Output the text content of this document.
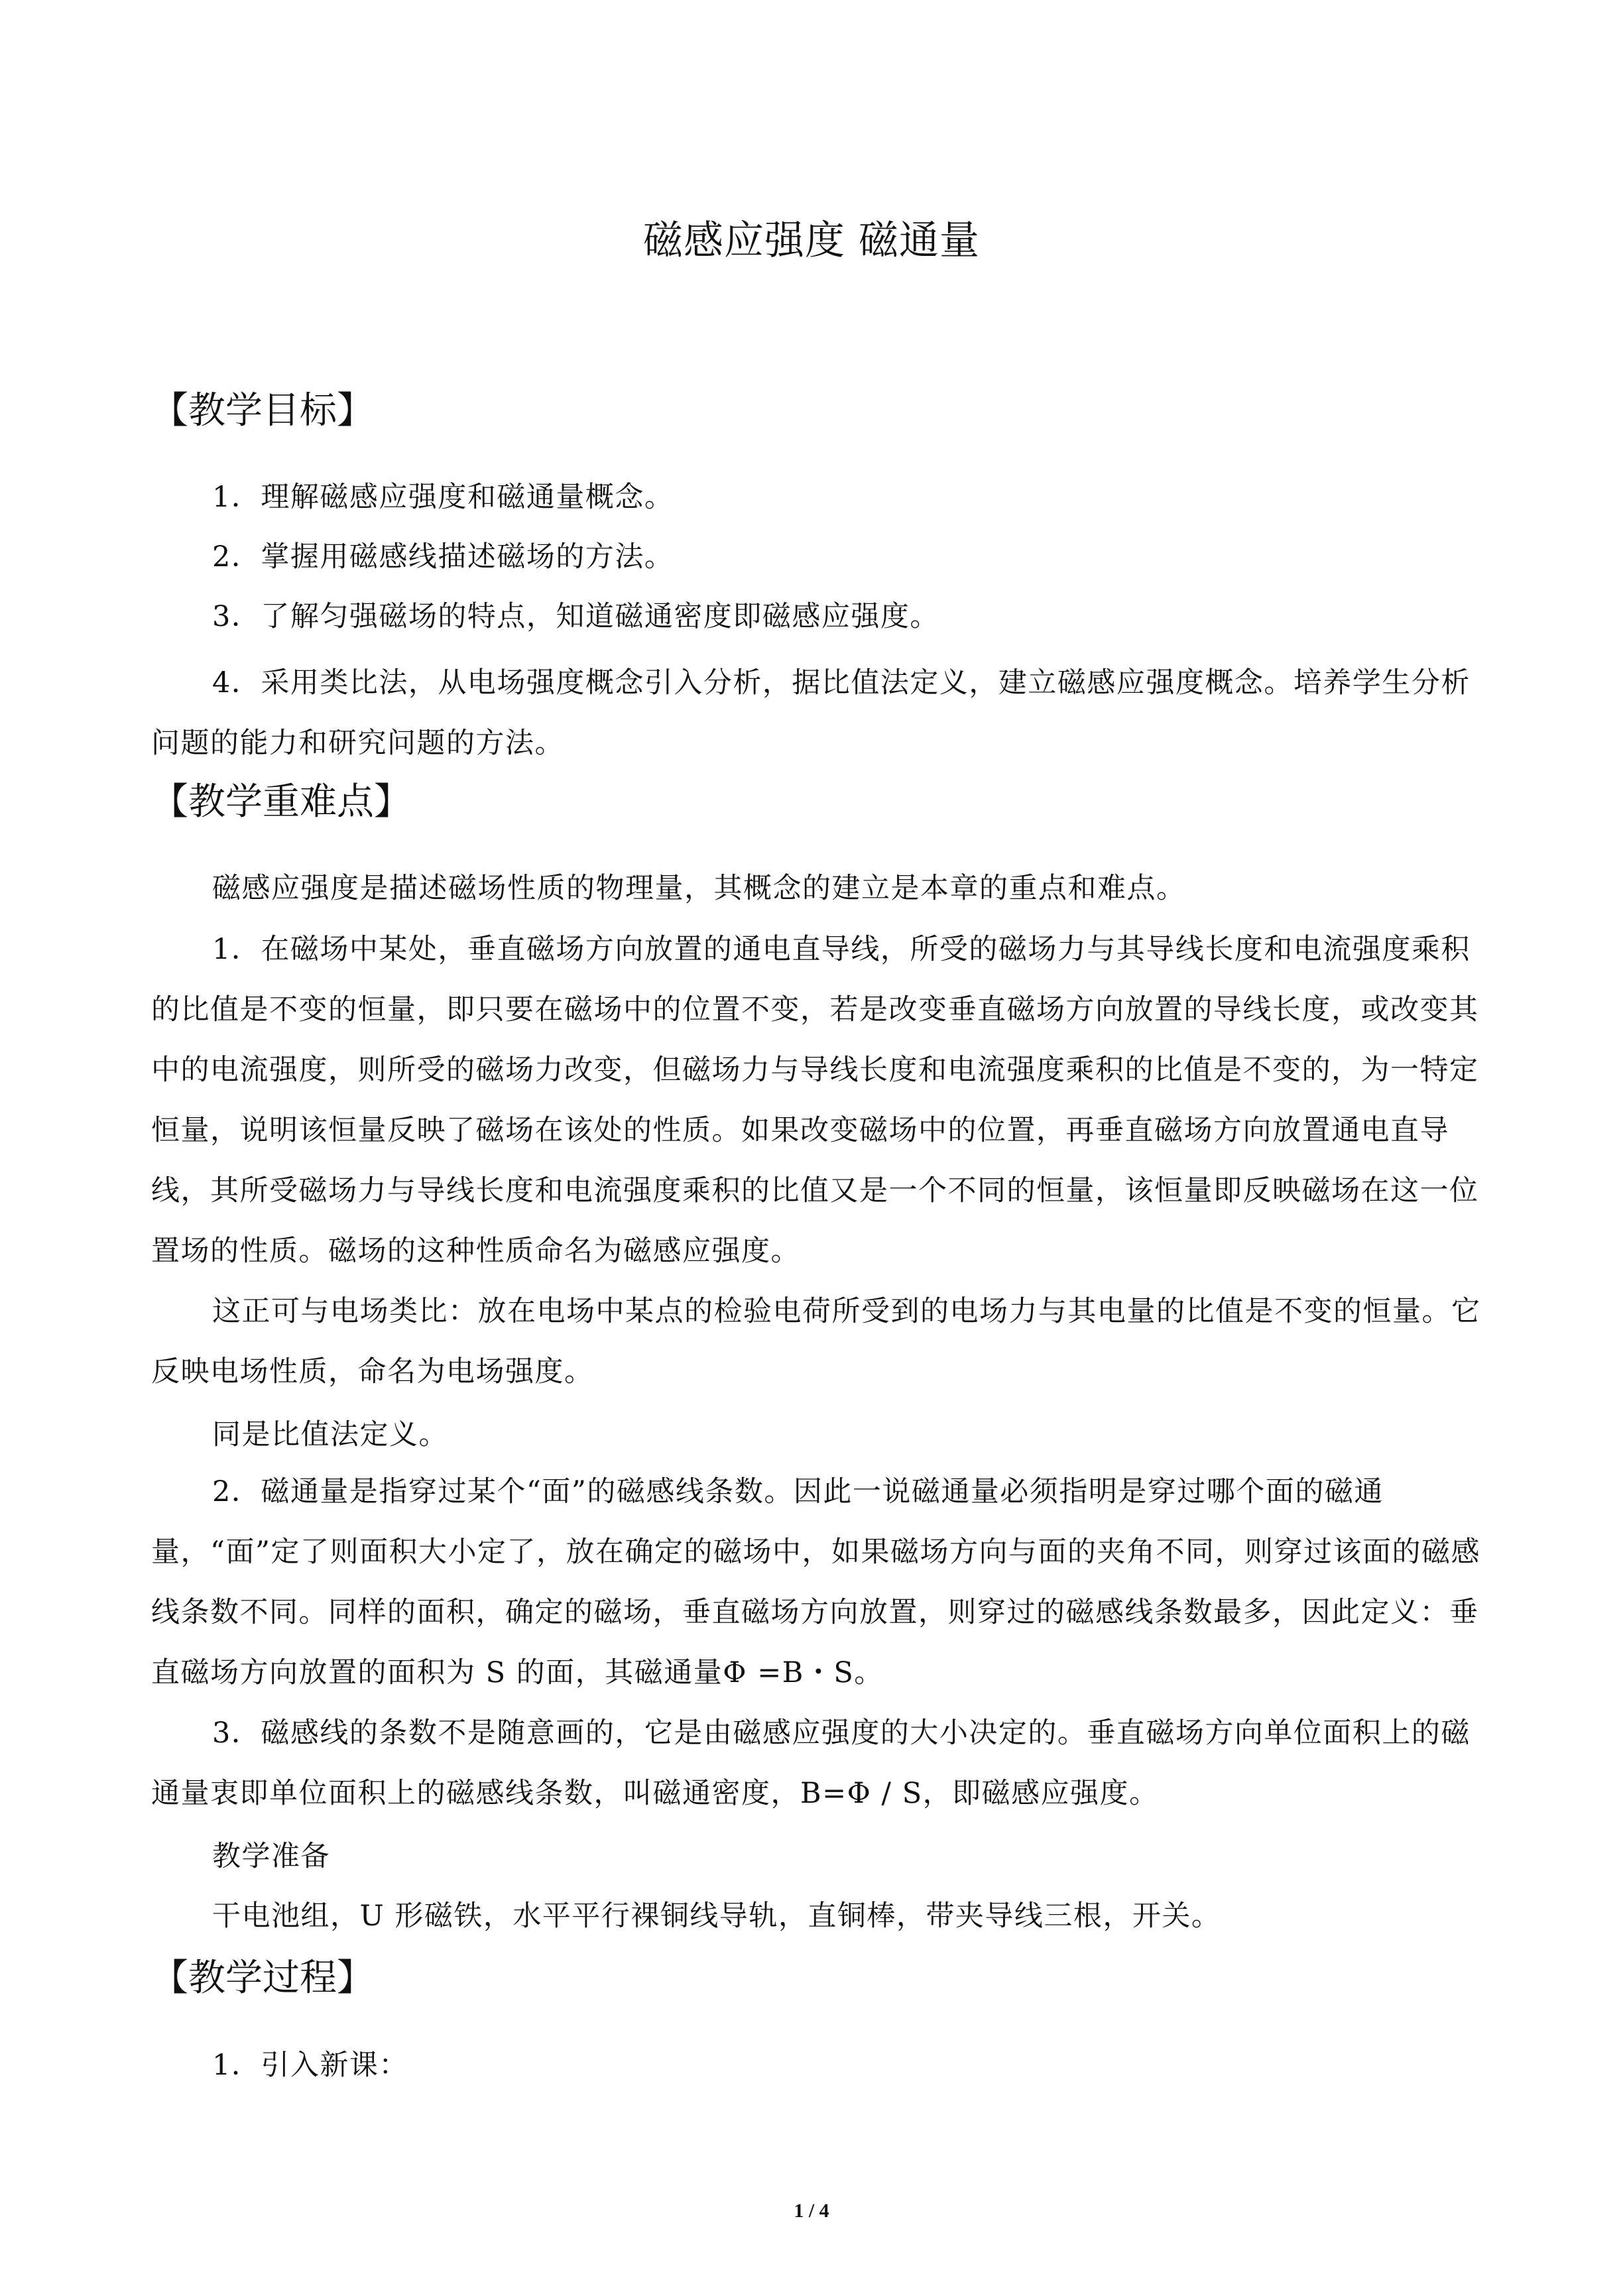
磁感应强度 磁通量
【教学目标】
1．理解磁感应强度和磁通量概念。
2．掌握用磁感线描述磁场的方法。
3．了解匀强磁场的特点，知道磁通密度即磁感应强度。

4．采用类比法，从电场强度概念引入分析，据比值法定义，建立磁感应强度概念。培养学生分析问题的能力和研究问题的方法。

【教学重难点】
磁感应强度是描述磁场性质的物理量，其概念的建立是本章的重点和难点。

1．在磁场中某处，垂直磁场方向放置的通电直导线，所受的磁场力与其导线长度和电流强度乘积的比值是不变的恒量，即只要在磁场中的位置不变，若是改变垂直磁场方向放置的导线长度，或改变其中的电流强度，则所受的磁场力改变，但磁场力与导线长度和电流强度乘积的比值是不变的，为一特定恒量，说明该恒量反映了磁场在该处的性质。如果改变磁场中的位置，再垂直磁场方向放置通电直导线，其所受磁场力与导线长度和电流强度乘积的比值又是一个不同的恒量，该恒量即反映磁场在这一位置场的性质。磁场的这种性质命名为磁感应强度。

这正可与电场类比：放在电场中某点的检验电荷所受到的电场力与其电量的比值是不变的恒量。它反映电场性质，命名为电场强度。

同是比值法定义。

2．磁通量是指穿过某个“面”的磁感线条数。因此一说磁通量必须指明是穿过哪个面的磁通量，“面”定了则面积大小定了，放在确定的磁场中，如果磁场方向与面的夹角不同，则穿过该面的磁感线条数不同。同样的面积，确定的磁场，垂直磁场方向放置，则穿过的磁感线条数最多，因此定义：垂直磁场方向放置的面积为 S 的面，其磁通量Φ =B・S。

3．磁感线的条数不是随意画的，它是由磁感应强度的大小决定的。垂直磁场方向单位面积上的磁通量衷即单位面积上的磁感线条数，叫磁通密度，B=Φ / S，即磁感应强度。

教学准备
干电池组，U 形磁铁，水平平行裸铜线导轨，直铜棒，带夹导线三根，开关。
【教学过程】
1．引入新课：
1 / 4
